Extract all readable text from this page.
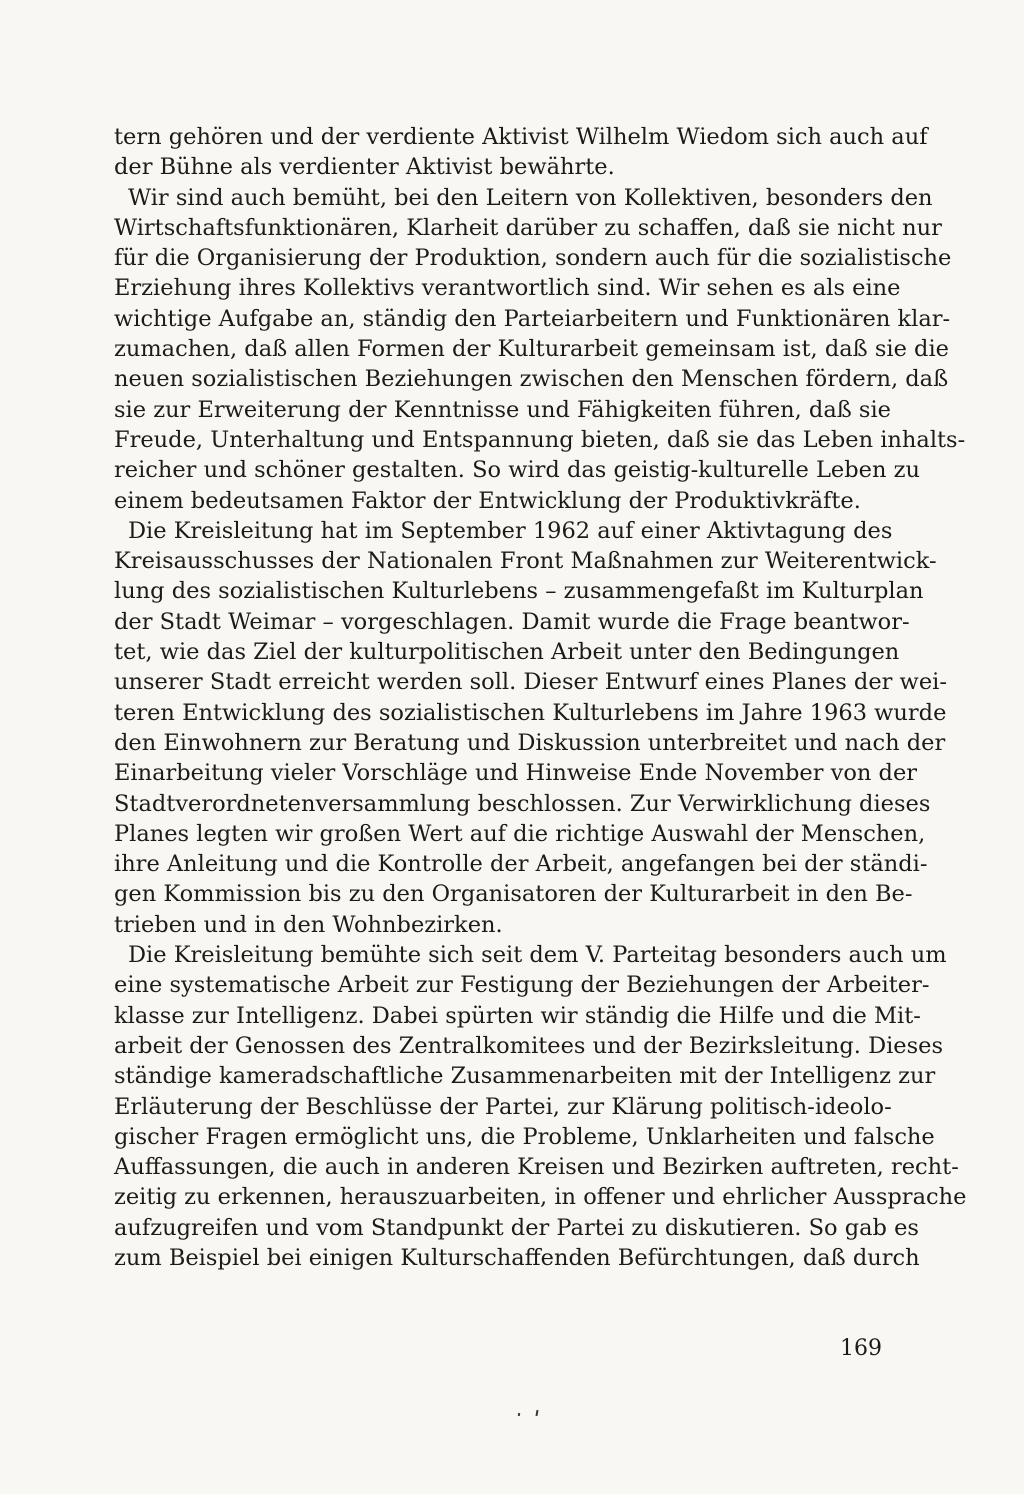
tern gehören und der verdiente Aktivist Wilhelm Wiedom sich auch auf
der Bühne als verdienter Aktivist bewährte.
Wir sind auch bemüht, bei den Leitern von Kollektiven, besonders den
Wirtschaftsfunktionären, Klarheit darüber zu schaffen, daß sie nicht nur
für die Organisierung der Produktion, sondern auch für die sozialistische
Erziehung ihres Kollektivs verantwortlich sind. Wir sehen es als eine
wichtige Aufgabe an, ständig den Parteiarbeitern und Funktionären klar-
zumachen, daß allen Formen der Kulturarbeit gemeinsam ist, daß sie die
neuen sozialistischen Beziehungen zwischen den Menschen fördern, daß
sie zur Erweiterung der Kenntnisse und Fähigkeiten führen, daß sie
Freude, Unterhaltung und Entspannung bieten, daß sie das Leben inhalts-
reicher und schöner gestalten. So wird das geistig-kulturelle Leben zu
einem bedeutsamen Faktor der Entwicklung der Produktivkräfte.
Die Kreisleitung hat im September 1962 auf einer Aktivtagung des
Kreisausschusses der Nationalen Front Maßnahmen zur Weiterentwick-
lung des sozialistischen Kulturlebens – zusammengefaßt im Kulturplan
der Stadt Weimar – vorgeschlagen. Damit wurde die Frage beantwor-
tet, wie das Ziel der kulturpolitischen Arbeit unter den Bedingungen
unserer Stadt erreicht werden soll. Dieser Entwurf eines Planes der wei-
teren Entwicklung des sozialistischen Kulturlebens im Jahre 1963 wurde
den Einwohnern zur Beratung und Diskussion unterbreitet und nach der
Einarbeitung vieler Vorschläge und Hinweise Ende November von der
Stadtverordnetenversammlung beschlossen. Zur Verwirklichung dieses
Planes legten wir großen Wert auf die richtige Auswahl der Menschen,
ihre Anleitung und die Kontrolle der Arbeit, angefangen bei der ständi-
gen Kommission bis zu den Organisatoren der Kulturarbeit in den Be-
trieben und in den Wohnbezirken.
Die Kreisleitung bemühte sich seit dem V. Parteitag besonders auch um
eine systematische Arbeit zur Festigung der Beziehungen der Arbeiter-
klasse zur Intelligenz. Dabei spürten wir ständig die Hilfe und die Mit-
arbeit der Genossen des Zentralkomitees und der Bezirksleitung. Dieses
ständige kameradschaftliche Zusammenarbeiten mit der Intelligenz zur
Erläuterung der Beschlüsse der Partei, zur Klärung politisch-ideolo-
gischer Fragen ermöglicht uns, die Probleme, Unklarheiten und falsche
Auffassungen, die auch in anderen Kreisen und Bezirken auftreten, recht-
zeitig zu erkennen, herauszuarbeiten, in offener und ehrlicher Aussprache
aufzugreifen und vom Standpunkt der Partei zu diskutieren. So gab es
zum Beispiel bei einigen Kulturschaffenden Befürchtungen, daß durch
169
